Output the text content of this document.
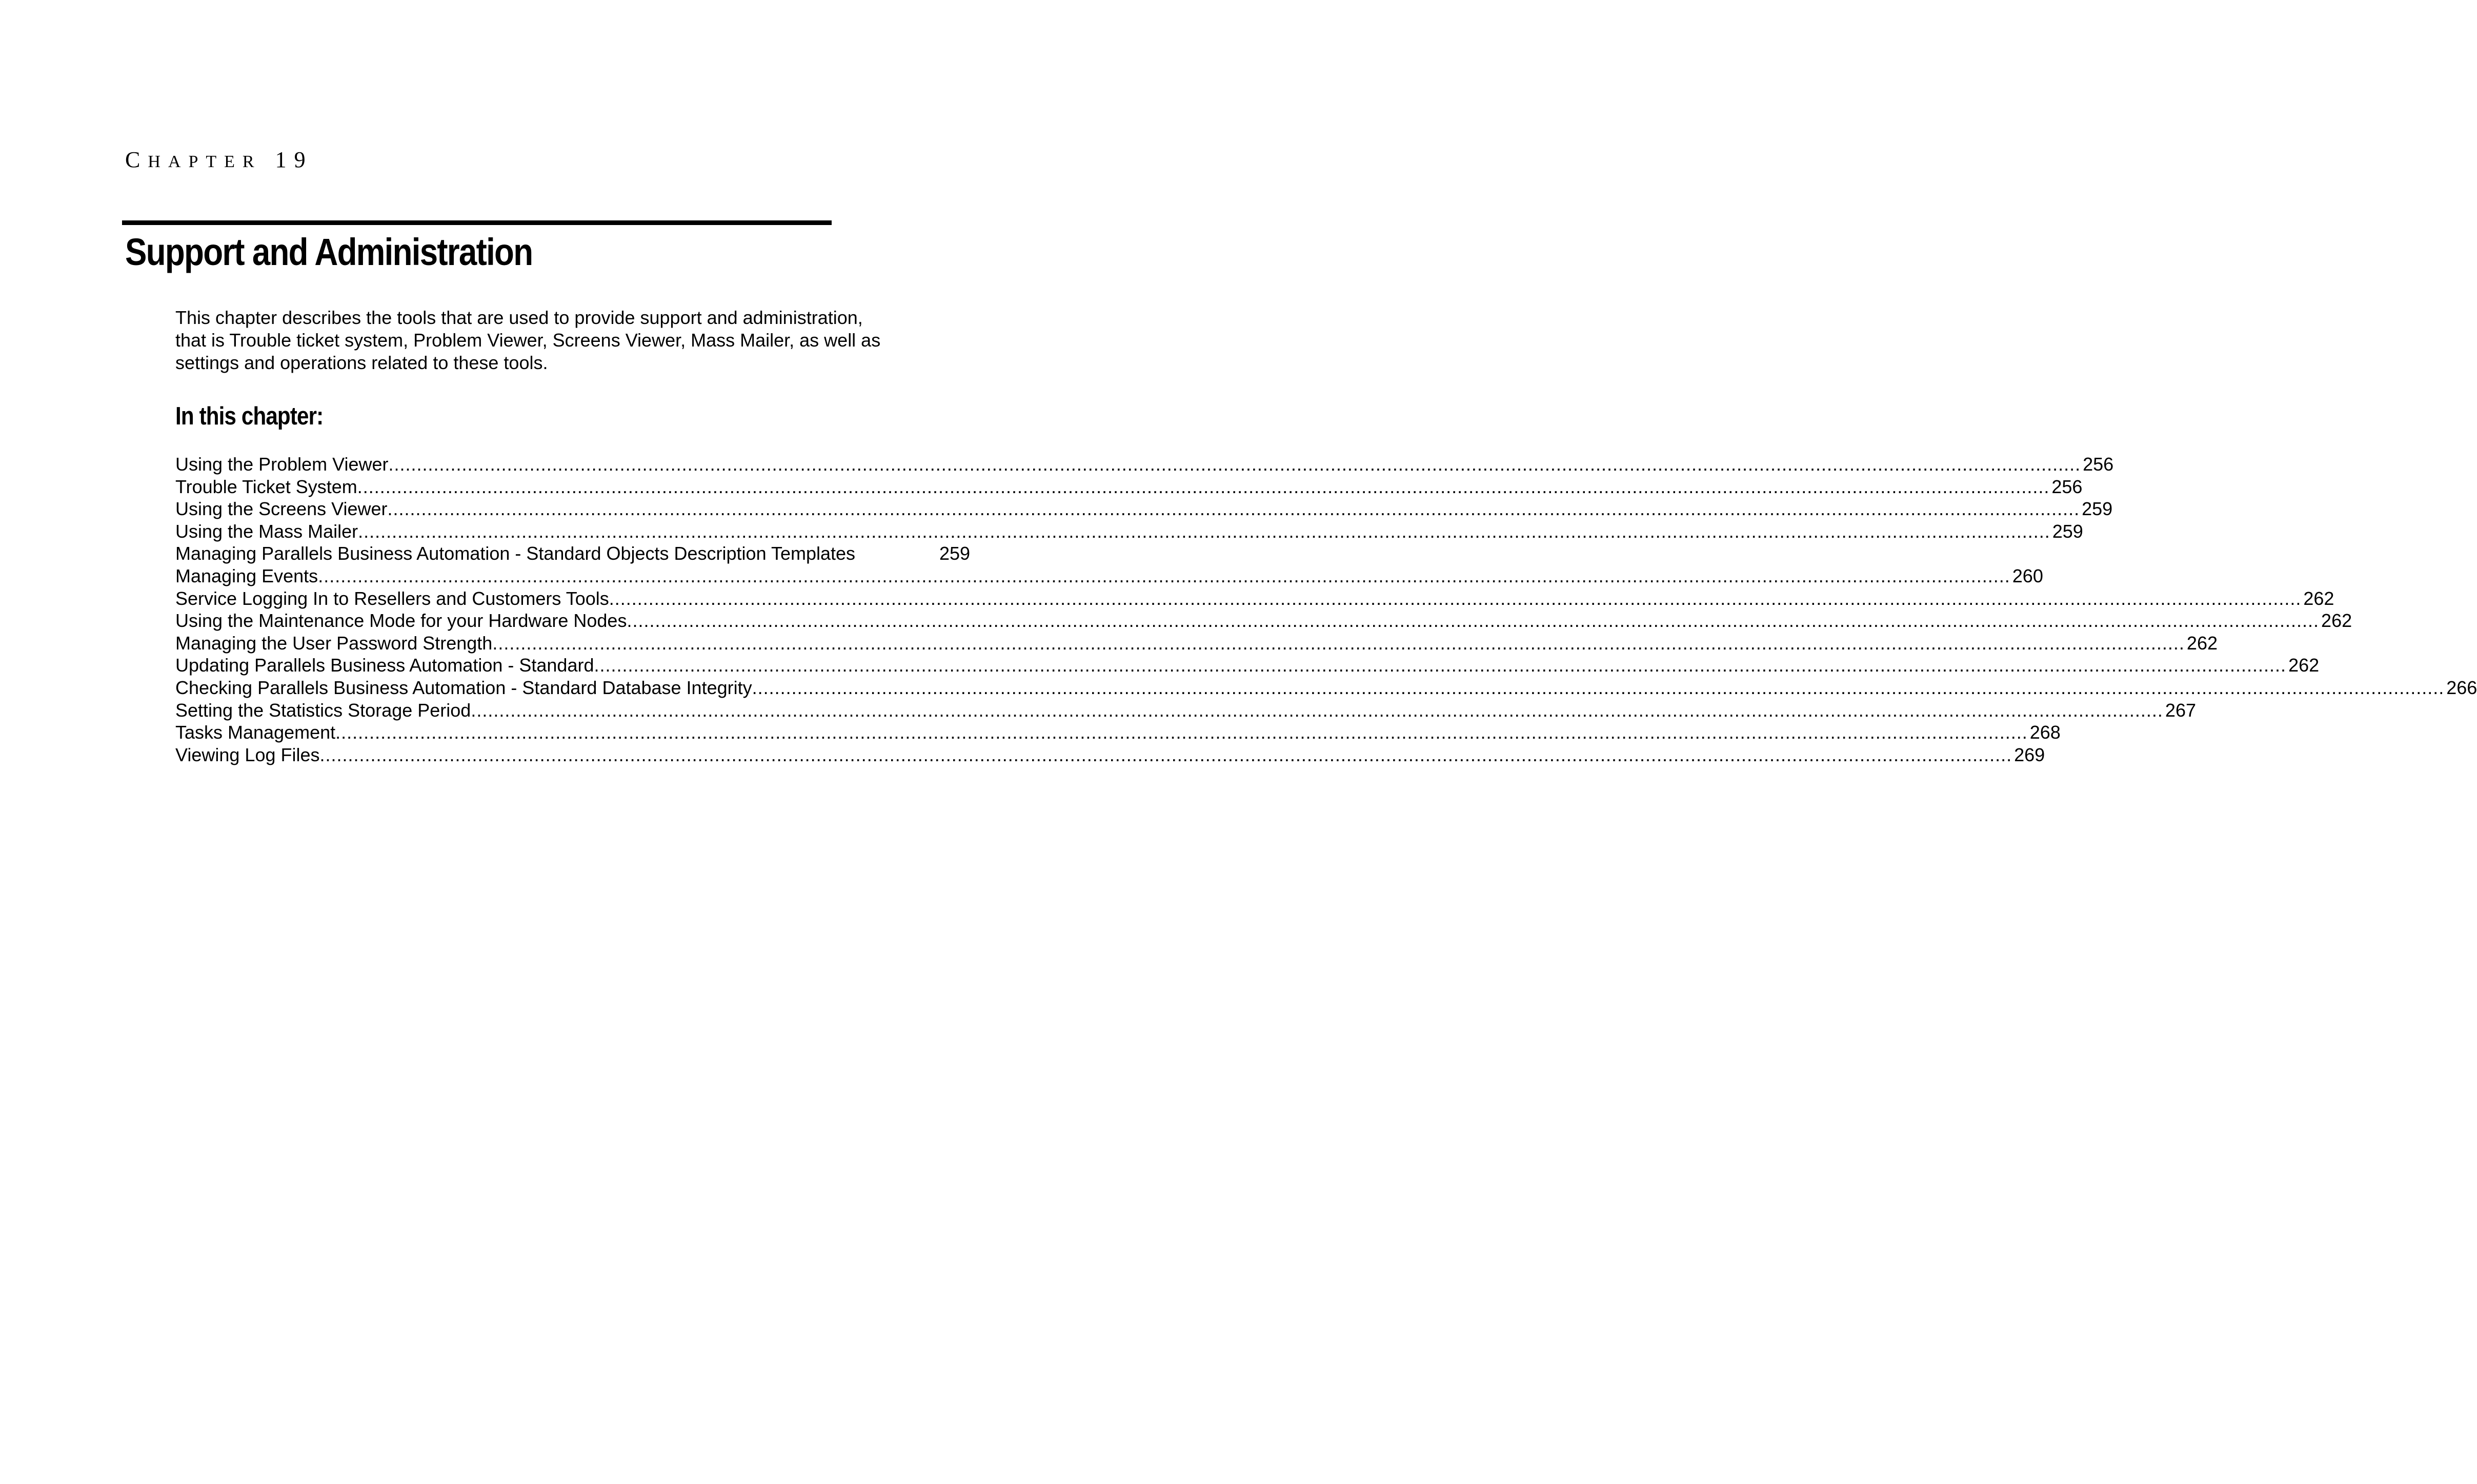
CHAPTER 19
Support and Administration

This chapter describes the tools that are used to provide support and administration,
that is Trouble ticket system, Problem Viewer, Screens Viewer, Mass Mailer, as well as
settings and operations related to these tools.

In this chapter:
Using the Problem Viewer ............................................................................................................................................................................................................................................................................................................ 256
Trouble Ticket System ............................................................................................................................................................................................................................................................................................................ 256
Using the Screens Viewer ............................................................................................................................................................................................................................................................................................................ 259
Using the Mass Mailer ............................................................................................................................................................................................................................................................................................................ 259
Managing Parallels Business Automation - Standard Objects Description Templates	259
Managing Events ............................................................................................................................................................................................................................................................................................................ 260
Service Logging In to Resellers and Customers Tools ............................................................................................................................................................................................................................................................................................................ 262
Using the Maintenance Mode for your Hardware Nodes ............................................................................................................................................................................................................................................................................................................ 262
Managing the User Password Strength ............................................................................................................................................................................................................................................................................................................ 262
Updating Parallels Business Automation - Standard ............................................................................................................................................................................................................................................................................................................ 262
Checking Parallels Business Automation - Standard Database Integrity ............................................................................................................................................................................................................................................................................................................ 266
Setting the Statistics Storage Period ............................................................................................................................................................................................................................................................................................................ 267
Tasks Management ............................................................................................................................................................................................................................................................................................................ 268
Viewing Log Files ............................................................................................................................................................................................................................................................................................................ 269
